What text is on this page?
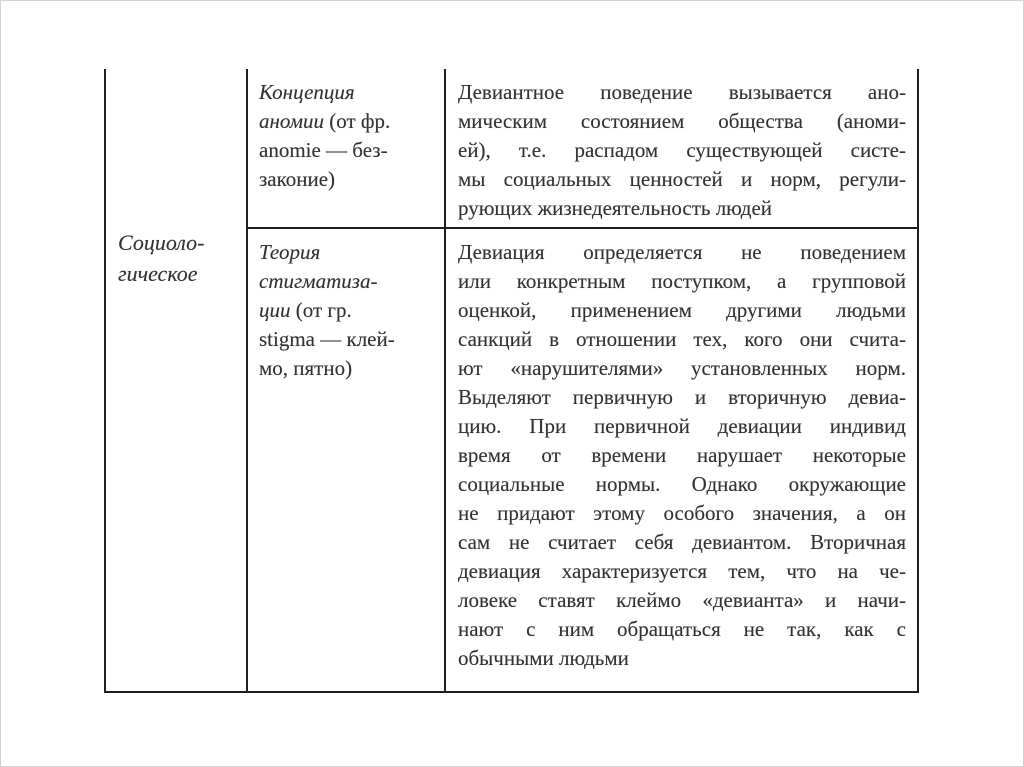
Социоло-
гическое
Концепция
аномии (от фр.
anomie — без-
законие)
Девиантное поведение вызывается ано-
мическим состоянием общества (аноми-
ей), т.е. распадом существующей систе-
мы социальных ценностей и норм, регули-
рующих жизнедеятельность людей
Теория
стигматиза-
ции (от гр.
stigma — клей-
мо, пятно)
Девиация определяется не поведением
или конкретным поступком, а групповой
оценкой, применением другими людьми
санкций в отношении тех, кого они счита-
ют «нарушителями» установленных норм.
Выделяют первичную и вторичную девиа-
цию. При первичной девиации индивид
время от времени нарушает некоторые
социальные нормы. Однако окружающие
не придают этому особого значения, а он
сам не считает себя девиантом. Вторичная
девиация характеризуется тем, что на че-
ловеке ставят клеймо «девианта» и начи-
нают с ним обращаться не так, как с
обычными людьми
